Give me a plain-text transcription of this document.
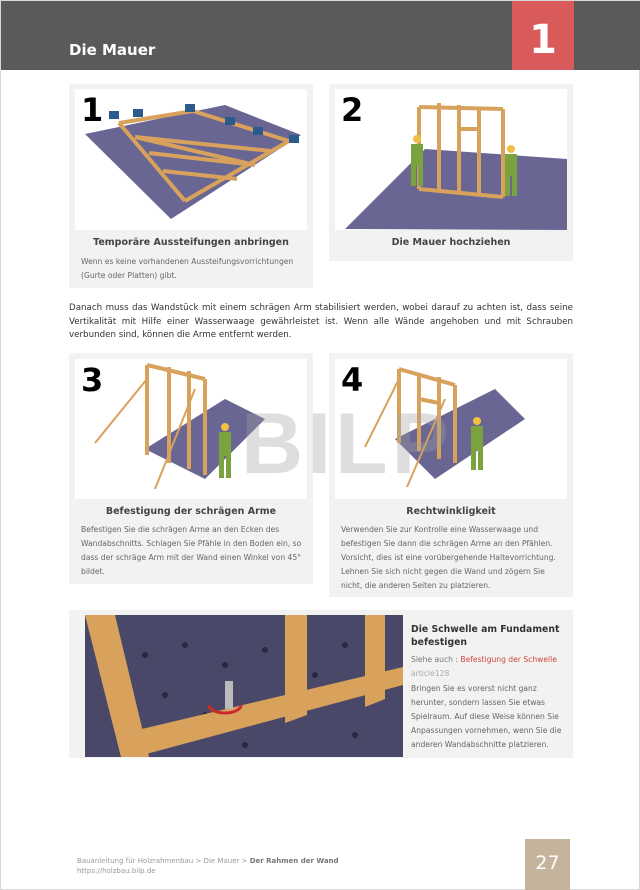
Die Mauer	1
1
Temporäre Aussteifungen anbringen
Wenn es keine vorhandenen Aussteifungsvorrichtungen (Gurte oder Platten) gibt.
2
Die Mauer hochziehen
Danach muss das Wandstück mit einem schrägen Arm stabilisiert werden, wobei darauf zu achten ist, dass seine Vertikalität mit Hilfe einer Wasserwaage gewährleistet ist. Wenn alle Wände angehoben und mit Schrauben verbunden sind, können die Arme entfernt werden.
3
Befestigung der schrägen Arme
Befestigen Sie die schrägen Arme an den Ecken des Wandabschnitts. Schlagen Sie Pfähle in den Boden ein, so dass der schräge Arm mit der Wand einen Winkel von 45° bildet.
4
Rechtwinkligkeit
Verwenden Sie zur Kontrolle eine Wasserwaage und befestigen Sie dann die schrägen Arme an den Pfählen. Vorsicht, dies ist eine vorübergehende Haltevorrichtung. Lehnen Sie sich nicht gegen die Wand und zögern Sie nicht, die anderen Seiten zu platzieren.
BILP
Die Schwelle am Fundament befestigen
Siehe auch : Befestigung der Schwelle
article128
Bringen Sie es vorerst nicht ganz herunter, sondern lassen Sie etwas Spielraum. Auf diese Weise können Sie Anpassungen vornehmen, wenn Sie die anderen Wandabschnitte platzieren.
Bauanleitung für Holzrahmenbau > Die Mauer > Der Rahmen der Wand
https://holzbau.bilp.de	27
